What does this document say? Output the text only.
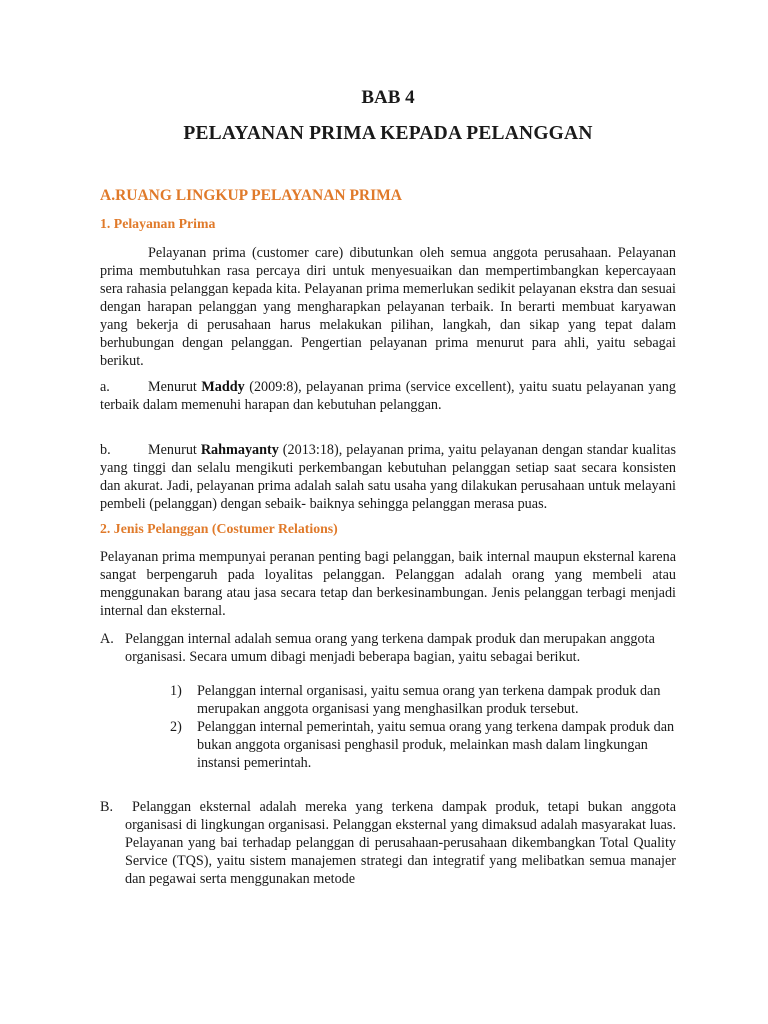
BAB 4
PELAYANAN PRIMA KEPADA PELANGGAN
A.RUANG LINGKUP PELAYANAN PRIMA
1. Pelayanan Prima

Pelayanan prima (customer care) dibutunkan oleh semua anggota perusahaan. Pelayanan prima membutuhkan rasa percaya diri untuk menyesuaikan dan mempertimbangkan kepercayaan sera rahasia pelanggan kepada kita. Pelayanan prima memerlukan sedikit pelayanan ekstra dan sesuai dengan harapan pelanggan yang mengharapkan pelayanan terbaik. In berarti membuat karyawan yang bekerja di perusahaan harus melakukan pilihan, langkah, dan sikap yang tepat dalam berhubungan dengan pelanggan. Pengertian pelayanan prima menurut para ahli, yaitu sebagai berikut.

a.	Menurut Maddy (2009:8), pelayanan prima (service excellent), yaitu suatu pelayanan yang terbaik dalam memenuhi harapan dan kebutuhan pelanggan.

b.	Menurut Rahmayanty (2013:18), pelayanan prima, yaitu pelayanan dengan standar kualitas yang tinggi dan selalu mengikuti perkembangan kebutuhan pelanggan setiap saat secara konsisten dan akurat. Jadi, pelayanan prima adalah salah satu usaha yang dilakukan perusahaan untuk melayani pembeli (pelanggan) dengan sebaik- baiknya sehingga pelanggan merasa puas.

2. Jenis Pelanggan (Costumer Relations)

Pelayanan prima mempunyai peranan penting bagi pelanggan, baik internal maupun eksternal karena sangat berpengaruh pada loyalitas pelanggan. Pelanggan adalah orang yang membeli atau menggunakan barang atau jasa secara tetap dan berkesinambungan. Jenis pelanggan terbagi menjadi internal dan eksternal.

A. Pelanggan internal adalah semua orang yang terkena dampak produk dan merupakan anggota organisasi. Secara umum dibagi menjadi beberapa bagian, yaitu sebagai berikut.

1) Pelanggan internal organisasi, yaitu semua orang yan terkena dampak produk dan merupakan anggota organisasi yang menghasilkan produk tersebut.

2) Pelanggan internal pemerintah, yaitu semua orang yang terkena dampak produk dan bukan anggota organisasi penghasil produk, melainkan mash dalam lingkungan instansi pemerintah.

B.	Pelanggan eksternal adalah mereka yang terkena dampak produk, tetapi bukan anggota organisasi di lingkungan organisasi. Pelanggan eksternal yang dimaksud adalah masyarakat luas. Pelayanan yang bai terhadap pelanggan di perusahaan-perusahaan dikembangkan Total Quality Service (TQS), yaitu sistem manajemen strategi dan integratif yang melibatkan semua manajer dan pegawai serta menggunakan metode
